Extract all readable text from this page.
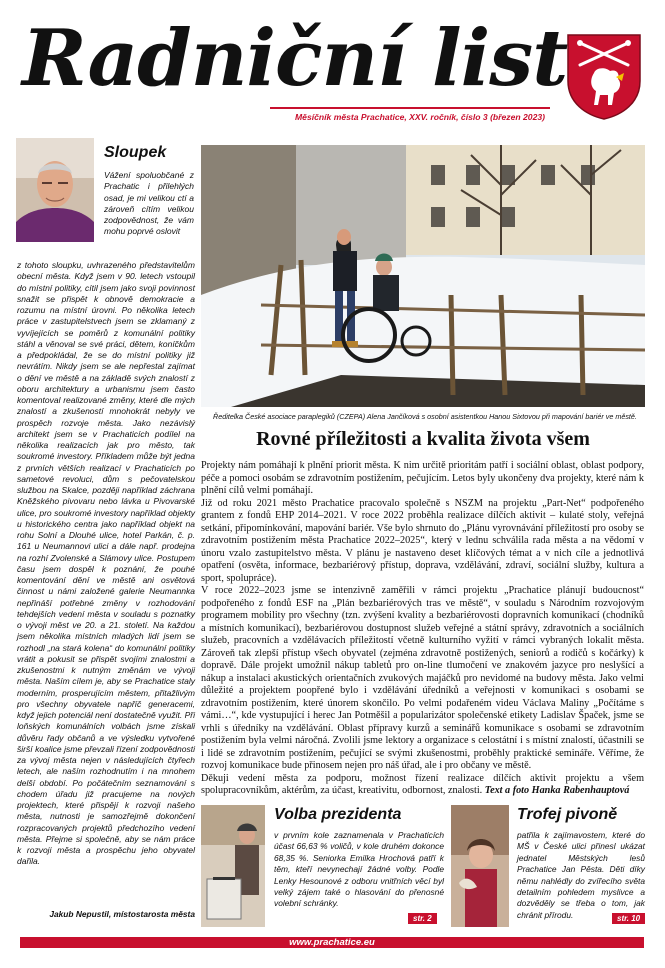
Radniční list
Měsíčník města Prachatice, XXV. ročník, číslo 3 (březen 2023)
Sloupek
Vážení spoluobčané z Prachatic i přilehlých osad, je mi velikou ctí a zároveň cítím velikou zodpovědnost, že vám mohu poprvé oslovit
z tohoto sloupku, uvhrazeného představitelům obecní města. Když jsem v 90. letech vstoupil do místní politiky, cítil jsem jako svoji povinnost snažit se přispět k obnově demokracie a rozumu na místní úrovni. Po několika letech práce v zastupitelstvech jsem se zklamaný z vyvíjejících se poměrů z komunální politiky stáhl a věnoval se své práci, dětem, koníčkům a předpokládal, že se do místní politiky již nevrátím. Nikdy jsem se ale nepřestal zajímat o dění ve městě a na základě svých znalostí z oboru architektury a urbanismu jsem často komentoval realizované změny, které dle mých znalostí a zkušeností mnohokrát nebyly ve prospěch rozvoje města. Jako nezávislý architekt jsem se v Prachaticích podílel na několika realizacích jak pro město, tak soukromé investory. Příkladem může být jedna z prvních větších realizací v Prachaticích po sametové revoluci, dům s pečovatelskou službou na Skalce, později například záchrana Kněžského pivovaru nebo lávka u Pivovarské ulice, pro soukromé investory například objekty u historického centra jako například objekt na rohu Solní a Dlouhé ulice, hotel Parkán, č. p. 161 u Neumannovi ulici a dále např. prodejna na rozhí Zvolenské a Slámovy ulice. Postupem času jsem dospěl k poznání, že pouhé komentování dění ve městě ani osvětová činnost u námi založené galerie Neumannka nepřináší potřebné změny v rozhodování tehdejších vedení města v souladu s poznatky o vývoji měst ve 20. a 21. století. Na každou jsem několika místních mladých lidí jsem se rozhodl „na stará kolena“ do komunální politiky vrátit a pokusit se přispět svojími znalostmi a zkušenostmi k nutným změnám ve vývoji města. Naším cílem je, aby se Prachatice staly moderním, prosperujícím městem, přitažlivým pro všechny obyvatele napříč generacemi, když jejich potenciál není dostatečně využit. Při loňských komunálních volbách jsme získali důvěru řady občanů a ve výsledku vytvořené širší koalice jsme převzali řízení zodpovědnosti za vývoj města nejen v následujících čtyřech letech, ale naším rozhodnutím i na mnohem delší období. Po počátečním seznamování s chodem úřadu již pracujeme na nových projektech, které přispějí k rozvoji našeho města, nutnosti je samozřejmě dokončení rozpracovaných projektů předchozího vedení města. Přejme si společně, aby se nám práce k rozvoji města a prospěchu jeho obyvatel dařila.
Jakub Nepustil, místostarosta města
Ředitelka České asociace paraplegiků (CZEPA) Alena Jančíková s osobní asistentkou Hanou Sixtovou při mapování bariér ve městě.
Rovné příležitosti a kvalita života všem

Projekty nám pomáhají k plnění priorit města. K nim určitě prioritám patří i sociální oblast, oblast podpory, péče a pomoci osobám se zdravotním postižením, pečujícím. Letos byly ukončeny dva projekty, které nám k plnění cílů velmi pomáhají.

Již od roku 2021 město Prachatice pracovalo společně s NSZM na projektu „Part-Net“ podpořeného grantem z fondů EHP 2014–2021. V roce 2022 proběhla realizace dílčích aktivit – kulaté stoly, veřejná setkání, připomínkování, mapování bariér. Vše bylo shrnuto do „Plánu vyrovnávání příležitostí pro osoby se zdravotním postižením města Prachatice 2022–2025“, který v lednu schválila rada města a na vědomí v únoru vzalo zastupitelstvo města. V plánu je nastaveno deset klíčových témat a v nich cíle a jednotlivá opatření (osvěta, informace, bezbariérový přístup, doprava, vzdělávání, zdraví, sociální služby, kultura a sport, spolupráce).

V roce 2022–2023 jsme se intenzivně zaměřili v rámci projektu „Prachatice plánují budoucnost“ podpořeného z fondů ESF na „Plán bezbariérových tras ve městě“, v souladu s Národním rozvojovým programem mobility pro všechny (tzn. zvýšení kvality a bezbariérovosti dopravních komunikací (chodníků a místních komunikací), bezbariérovou dostupnost služeb veřejné a státní správy, zdravotních a sociálních služeb, pracovních a vzdělávacích příležitostí včetně kulturního vyžití v rámci vybraných lokalit města. Zároveň tak zlepší přístup všech obyvatel (zejména zdravotně postižených, seniorů a rodičů s kočárky) k dopravě. Dále projekt umožnil nákup tabletů pro on-line tlumočení ve znakovém jazyce pro neslyšící a nákup a instalaci akustických orientačních zvukových majáčků pro nevidomé na budovy města. Jako velmi důležité a projektem poopřené bylo i vzdělávání úředníků a veřejnosti v komunikaci s osobami se zdravotním postižením, které únorem skončilo. Po velmi podařeném videu Václava Maliny „Počítáme s vámi…“, kde vystupující i herec Jan Potměšil a popularizátor společenské etikety Ladislav Špaček, jsme se vrhli s úředníky na vzdělávání. Oblast přípravy kurzů a seminářů komunikace s osobami se zdravotním postižením byla velmi náročná. Zvolili jsme lektory a organizace s celostátní i s místní znalostí, účastnili se i lidé se zdravotním postižením, pečující se svými zkušenostmi, proběhly praktické semináře. Věříme, že rozvoj komunikace bude přinosem nejen pro náš úřad, ale i pro občany ve městě.

Děkuji vedení města za podporu, možnost řízení realizace dílčích aktivit projektu a všem spolupracovníkům, aktérům, za účast, kreativitu, odbornost, znalosti. Text a foto Hanka Rabenhauptová

Volba prezidenta
v prvním kole zaznamenala v Prachaticích účast 66,63 % voličů, v kole druhém dokonce 68,35 %. Seniorka Emilka Hrochová patří k těm, kteří nevynechají žádné volby. Podle Lenky Hesounové z odboru vnitřních věcí byl velký zájem také o hlasování do přenosné volební schránky.
str. 2
Trofej pivoně
patřila k zajímavostem, které do MŠ v České ulici přinesl ukázat jednatel Městských lesů Prachatice Jan Pěsta. Děti díky němu nahlédly do zvířecího světa detailním pohledem myslivce a dozvěděly se třeba o tom, jak chránit přírodu.	str. 10
www.prachatice.eu
